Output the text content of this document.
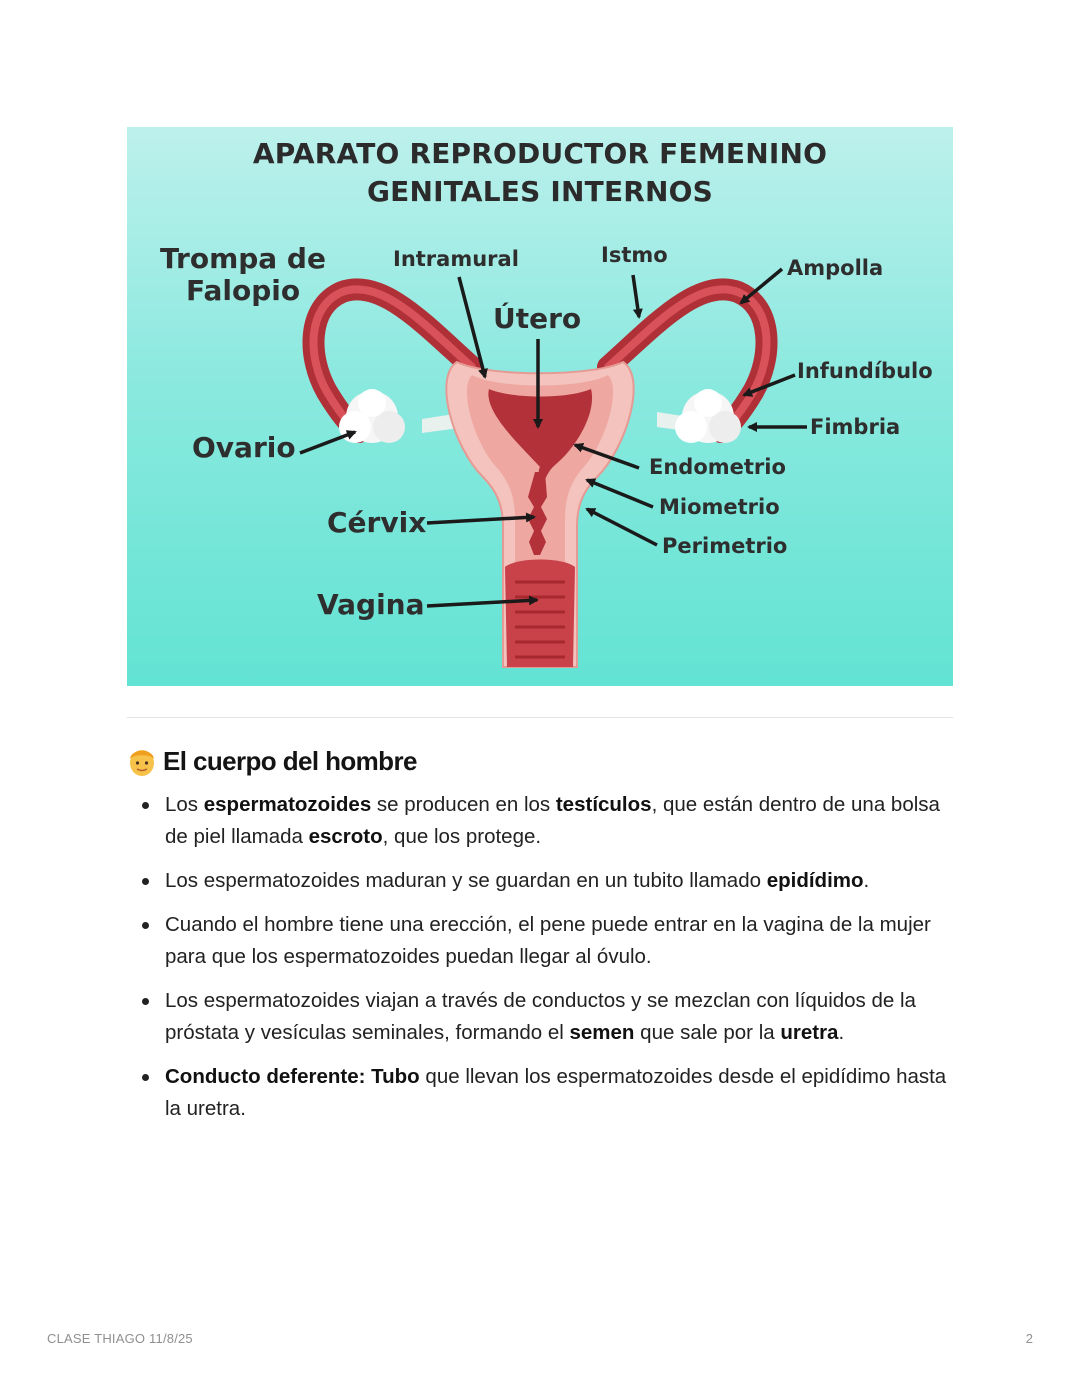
APARATO REPRODUCTOR FEMENINO
GENITALES INTERNOS
Trompa de
Falopio
Intramural	Istmo
Ampolla
Útero
Infundíbulo
Fimbria
Ovario
Endometrio
Miometrio
Perimetrio
Cérvix
Vagina
El cuerpo del hombre
Los espermatozoides se producen en los testículos, que están dentro de una bolsa de piel llamada escroto, que los protege.
Los espermatozoides maduran y se guardan en un tubito llamado epidídimo.
Cuando el hombre tiene una erección, el pene puede entrar en la vagina de la mujer para que los espermatozoides puedan llegar al óvulo.
Los espermatozoides viajan a través de conductos y se mezclan con líquidos de la próstata y vesículas seminales, formando el semen que sale por la uretra.
Conducto deferente: Tubo que llevan los espermatozoides desde el epidídimo hasta la uretra.
CLASE THIAGO 11/8/25	2
